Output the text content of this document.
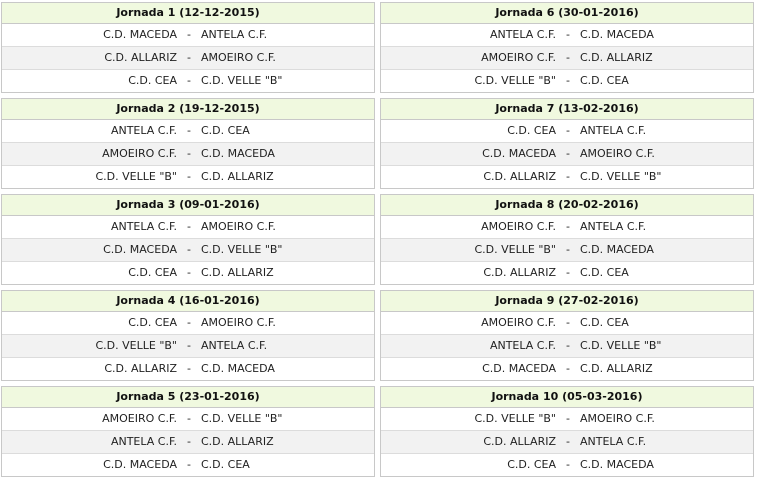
Jornada 1 (12-12-2015)
C.D. MACEDA - ANTELA C.F.
C.D. ALLARIZ - AMOEIRO C.F.
C.D. CEA - C.D. VELLE "B"
Jornada 6 (30-01-2016)
ANTELA C.F. - C.D. MACEDA
AMOEIRO C.F. - C.D. ALLARIZ
C.D. VELLE "B" - C.D. CEA
Jornada 2 (19-12-2015)
ANTELA C.F. - C.D. CEA
AMOEIRO C.F. - C.D. MACEDA
C.D. VELLE "B" - C.D. ALLARIZ
Jornada 7 (13-02-2016)
C.D. CEA - ANTELA C.F.
C.D. MACEDA - AMOEIRO C.F.
C.D. ALLARIZ - C.D. VELLE "B"
Jornada 3 (09-01-2016)
ANTELA C.F. - AMOEIRO C.F.
C.D. MACEDA - C.D. VELLE "B"
C.D. CEA - C.D. ALLARIZ
Jornada 8 (20-02-2016)
AMOEIRO C.F. - ANTELA C.F.
C.D. VELLE "B" - C.D. MACEDA
C.D. ALLARIZ - C.D. CEA
Jornada 4 (16-01-2016)
C.D. CEA - AMOEIRO C.F.
C.D. VELLE "B" - ANTELA C.F.
C.D. ALLARIZ - C.D. MACEDA
Jornada 9 (27-02-2016)
AMOEIRO C.F. - C.D. CEA
ANTELA C.F. - C.D. VELLE "B"
C.D. MACEDA - C.D. ALLARIZ
Jornada 5 (23-01-2016)
AMOEIRO C.F. - C.D. VELLE "B"
ANTELA C.F. - C.D. ALLARIZ
C.D. MACEDA - C.D. CEA
Jornada 10 (05-03-2016)
C.D. VELLE "B" - AMOEIRO C.F.
C.D. ALLARIZ - ANTELA C.F.
C.D. CEA - C.D. MACEDA
